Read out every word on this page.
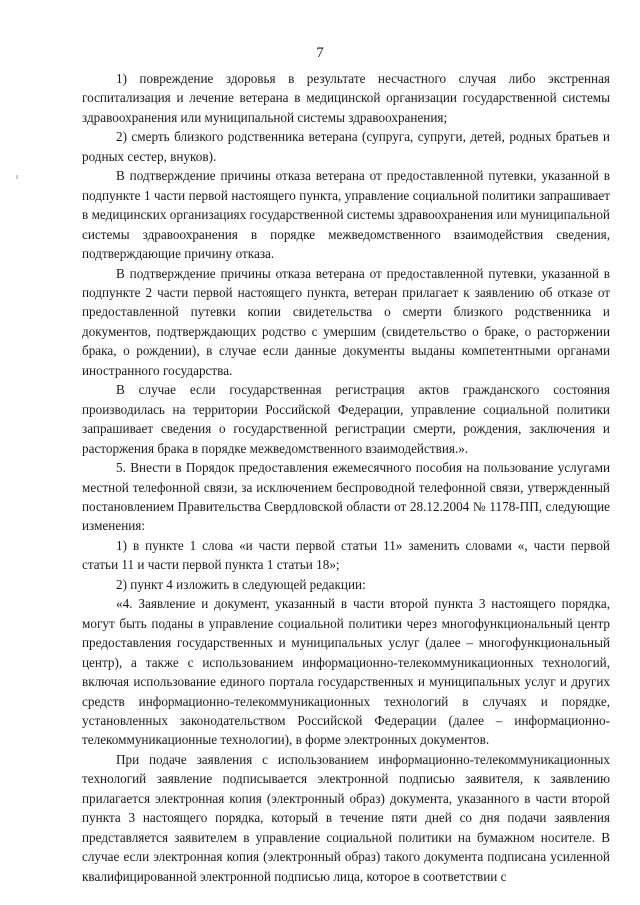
7

1) повреждение здоровья в результате несчастного случая либо экстренная госпитализация и лечение ветерана в медицинской организации государственной системы здравоохранения или муниципальной системы здравоохранения;

2) смерть близкого родственника ветерана (супруга, супруги, детей, родных братьев и родных сестер, внуков).

В подтверждение причины отказа ветерана от предоставленной путевки, указанной в подпункте 1 части первой настоящего пункта, управление социальной политики запрашивает в медицинских организациях государственной системы здравоохранения или муниципальной системы здравоохранения в порядке межведомственного взаимодействия сведения, подтверждающие причину отказа.

В подтверждение причины отказа ветерана от предоставленной путевки, указанной в подпункте 2 части первой настоящего пункта, ветеран прилагает к заявлению об отказе от предоставленной путевки копии свидетельства о смерти близкого родственника и документов, подтверждающих родство с умершим (свидетельство о браке, о расторжении брака, о рождении), в случае если данные документы выданы компетентными органами иностранного государства.

В случае если государственная регистрация актов гражданского состояния производилась на территории Российской Федерации, управление социальной политики запрашивает сведения о государственной регистрации смерти, рождения, заключения и расторжения брака в порядке межведомственного взаимодействия.».

5. Внести в Порядок предоставления ежемесячного пособия на пользование услугами местной телефонной связи, за исключением беспроводной телефонной связи, утвержденный постановлением Правительства Свердловской области от 28.12.2004 № 1178-ПП, следующие изменения:

1) в пункте 1 слова «и части первой статьи 11» заменить словами «, части первой статьи 11 и части первой пункта 1 статьи 18»;

2) пункт 4 изложить в следующей редакции:

«4. Заявление и документ, указанный в части второй пункта 3 настоящего порядка, могут быть поданы в управление социальной политики через многофункциональный центр предоставления государственных и муниципальных услуг (далее – многофункциональный центр), а также с использованием информационно-телекоммуникационных технологий, включая использование единого портала государственных и муниципальных услуг и других средств информационно-телекоммуникационных технологий в случаях и порядке, установленных законодательством Российской Федерации (далее – информационно-телекоммуникационные технологии), в форме электронных документов.

При подаче заявления с использованием информационно-телекоммуникационных технологий заявление подписывается электронной подписью заявителя, к заявлению прилагается электронная копия (электронный образ) документа, указанного в части второй пункта 3 настоящего порядка, который в течение пяти дней со дня подачи заявления представляется заявителем в управление социальной политики на бумажном носителе. В случае если электронная копия (электронный образ) такого документа подписана усиленной квалифицированной электронной подписью лица, которое в соответствии с
